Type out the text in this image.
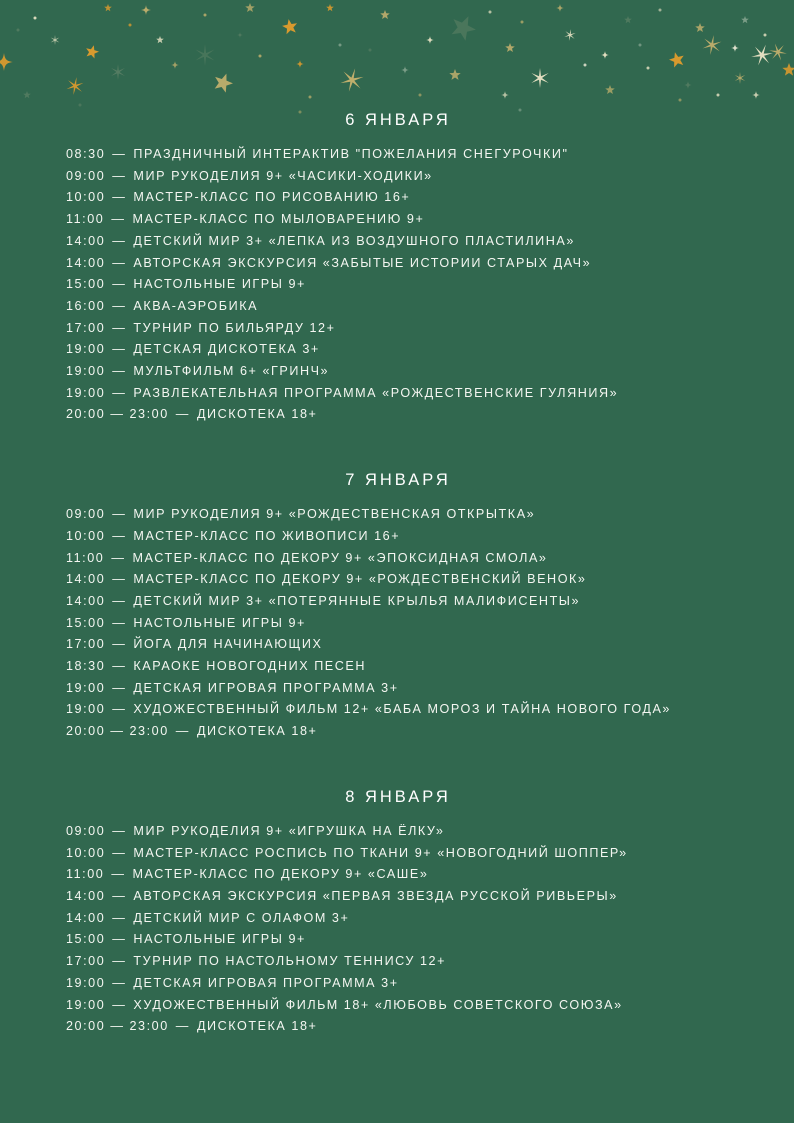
6 ЯНВАРЯ
08:30 — ПРАЗДНИЧНЫЙ ИНТЕРАКТИВ "ПОЖЕЛАНИЯ СНЕГУРОЧКИ"
09:00 — МИР РУКОДЕЛИЯ 9+ «ЧАСИКИ-ХОДИКИ»
10:00 — МАСТЕР-КЛАСС ПО РИСОВАНИЮ 16+
11:00 — МАСТЕР-КЛАСС ПО МЫЛОВАРЕНИЮ 9+
14:00 — ДЕТСКИЙ МИР 3+ «ЛЕПКА ИЗ ВОЗДУШНОГО ПЛАСТИЛИНА»
14:00 — АВТОРСКАЯ ЭКСКУРСИЯ «ЗАБЫТЫЕ ИСТОРИИ СТАРЫХ ДАЧ»
15:00 — НАСТОЛЬНЫЕ ИГРЫ 9+
16:00 — АКВА-АЭРОБИКА
17:00 — ТУРНИР ПО БИЛЬЯРДУ 12+
19:00 — ДЕТСКАЯ ДИСКОТЕКА 3+
19:00 — МУЛЬТФИЛЬМ 6+ «ГРИНЧ»
19:00 — РАЗВЛЕКАТЕЛЬНАЯ ПРОГРАММА «РОЖДЕСТВЕНСКИЕ ГУЛЯНИЯ»
20:00 — 23:00 — ДИСКОТЕКА 18+
7 ЯНВАРЯ
09:00 — МИР РУКОДЕЛИЯ 9+ «РОЖДЕСТВЕНСКАЯ ОТКРЫТКА»
10:00 — МАСТЕР-КЛАСС ПО ЖИВОПИСИ 16+
11:00 — МАСТЕР-КЛАСС ПО ДЕКОРУ 9+ «ЭПОКСИДНАЯ СМОЛА»
14:00 — МАСТЕР-КЛАСС ПО ДЕКОРУ 9+ «РОЖДЕСТВЕНСКИЙ ВЕНОК»
14:00 — ДЕТСКИЙ МИР 3+ «ПОТЕРЯННЫЕ КРЫЛЬЯ МАЛИФИСЕНТЫ»
15:00 — НАСТОЛЬНЫЕ ИГРЫ 9+
17:00 — ЙОГА ДЛЯ НАЧИНАЮЩИХ
18:30 — КАРАОКЕ НОВОГОДНИХ ПЕСЕН
19:00 — ДЕТСКАЯ ИГРОВАЯ ПРОГРАММА 3+
19:00 — ХУДОЖЕСТВЕННЫЙ ФИЛЬМ 12+ «БАБА МОРОЗ И ТАЙНА НОВОГО ГОДА»
20:00 — 23:00 — ДИСКОТЕКА 18+
8 ЯНВАРЯ
09:00 — МИР РУКОДЕЛИЯ 9+ «ИГРУШКА НА ЁЛКУ»
10:00 — МАСТЕР-КЛАСС РОСПИСЬ ПО ТКАНИ 9+ «НОВОГОДНИЙ ШОППЕР»
11:00 — МАСТЕР-КЛАСС ПО ДЕКОРУ 9+ «САШЕ»
14:00 — АВТОРСКАЯ ЭКСКУРСИЯ «ПЕРВАЯ ЗВЕЗДА РУССКОЙ РИВЬЕРЫ»
14:00 — ДЕТСКИЙ МИР С ОЛАФОМ 3+
15:00 — НАСТОЛЬНЫЕ ИГРЫ 9+
17:00 — ТУРНИР ПО НАСТОЛЬНОМУ ТЕННИСУ 12+
19:00 — ДЕТСКАЯ ИГРОВАЯ ПРОГРАММА 3+
19:00 — ХУДОЖЕСТВЕННЫЙ ФИЛЬМ 18+ «ЛЮБОВЬ СОВЕТСКОГО СОЮЗА»
20:00 — 23:00 — ДИСКОТЕКА 18+
